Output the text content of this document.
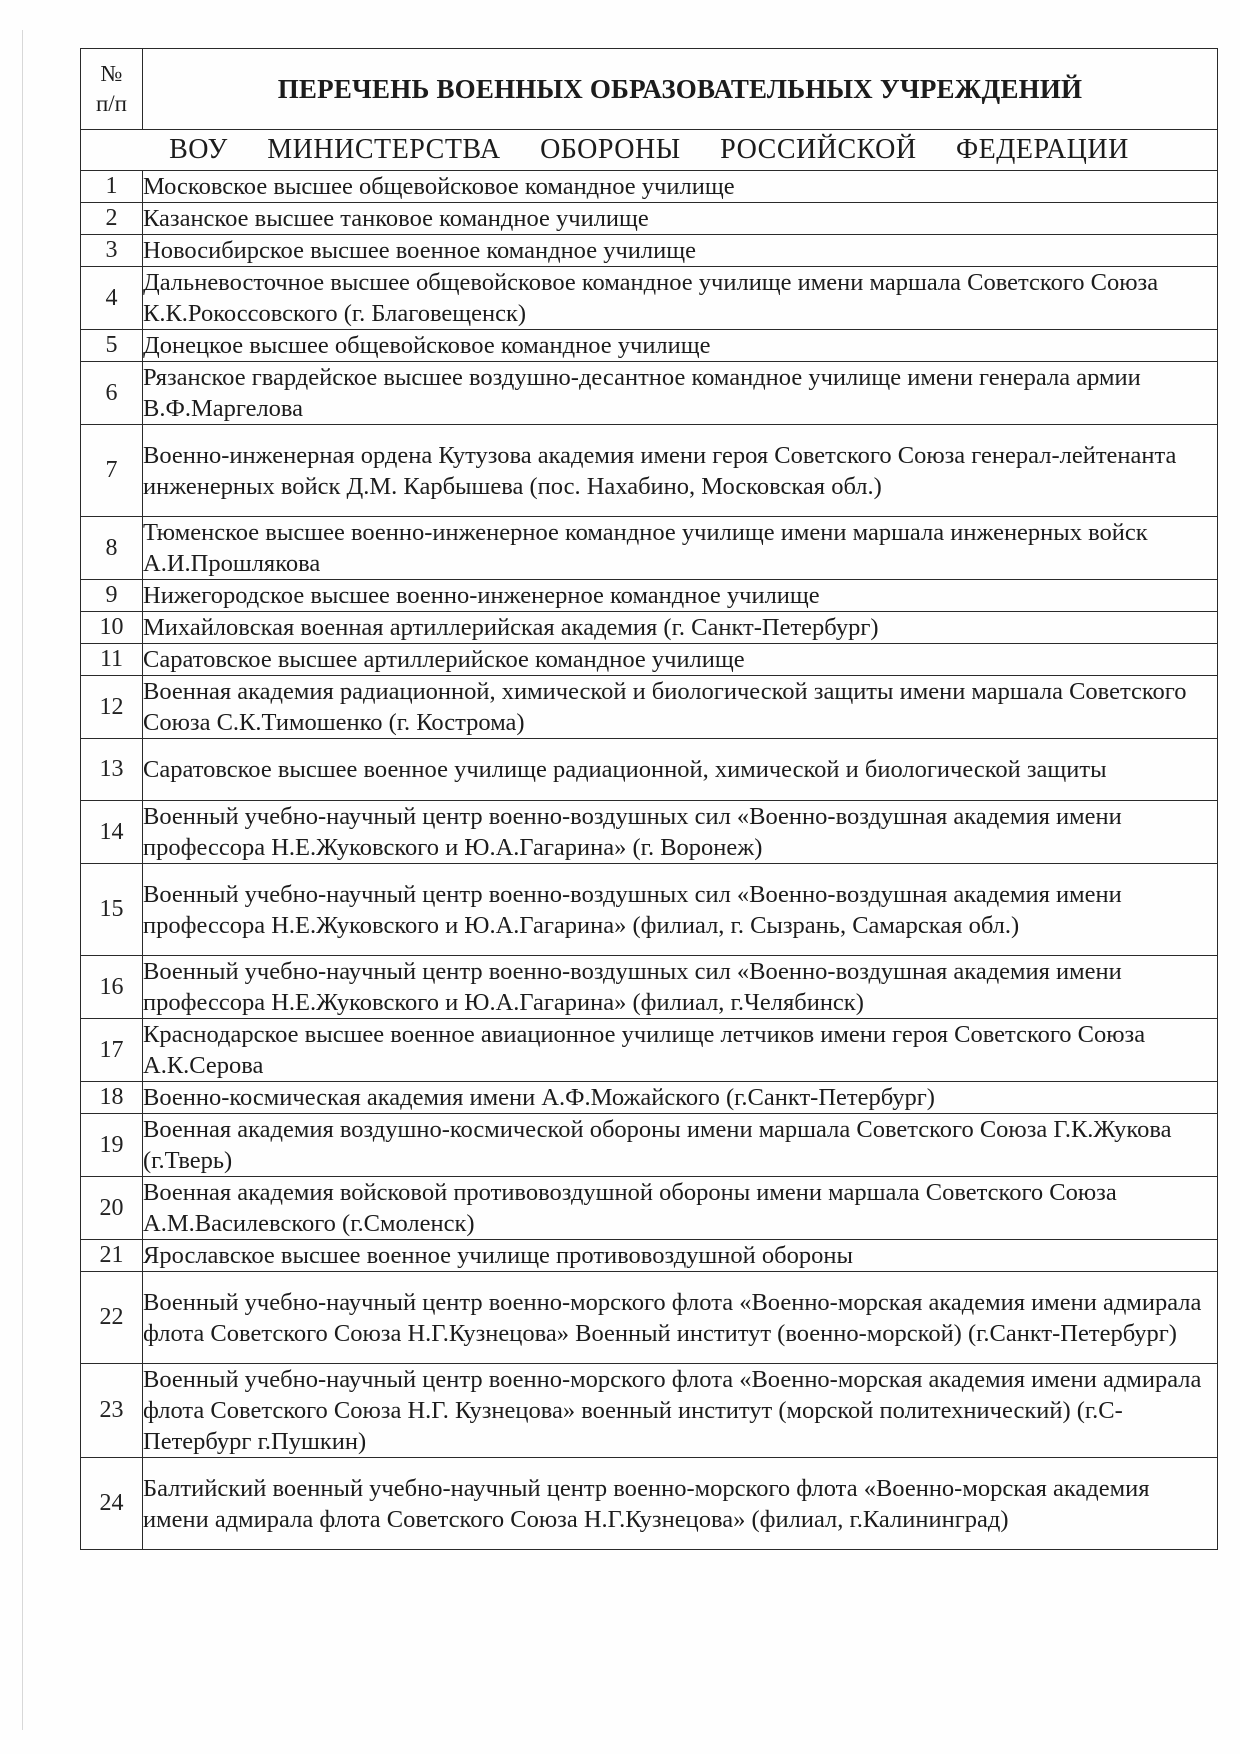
№
п/п	ПЕРЕЧЕНЬ ВОЕННЫХ ОБРАЗОВАТЕЛЬНЫХ УЧРЕЖДЕНИЙ
ВОУ МИНИСТЕРСТВА ОБОРОНЫ РОССИЙСКОЙ ФЕДЕРАЦИИ	
1	Московское высшее общевойсковое командное училище
2	Казанское высшее танковое командное училище
3	Новосибирское высшее военное командное училище
4	Дальневосточное высшее общевойсковое командное училище имени маршала Советского Союза К.К.Рокоссовского (г. Благовещенск)
5	Донецкое высшее общевойсковое командное училище
6	Рязанское гвардейское высшее воздушно-десантное командное училище имени генерала армии В.Ф.Маргелова
7	Военно-инженерная ордена Кутузова академия имени героя Советского Союза генерал-лейтенанта инженерных войск Д.М. Карбышева (пос. Нахабино, Московская обл.)
8	Тюменское высшее военно-инженерное командное училище имени маршала инженерных войск А.И.Прошлякова
9	Нижегородское высшее военно-инженерное командное училище
10	Михайловская военная артиллерийская академия (г. Санкт-Петербург)
11	Саратовское высшее артиллерийское командное училище
12	Военная академия радиационной, химической и биологической защиты имени маршала Советского Союза С.К.Тимошенко (г. Кострома)
13	Саратовское высшее военное училище радиационной, химической и биологической защиты
14	Военный учебно-научный центр военно-воздушных сил «Военно-воздушная академия имени профессора Н.Е.Жуковского и Ю.А.Гагарина» (г. Воронеж)
15	Военный учебно-научный центр военно-воздушных сил «Военно-воздушная академия имени профессора Н.Е.Жуковского и Ю.А.Гагарина» (филиал, г. Сызрань, Самарская обл.)
16	Военный учебно-научный центр военно-воздушных сил «Военно-воздушная академия имени профессора Н.Е.Жуковского и Ю.А.Гагарина» (филиал, г.Челябинск)
17	Краснодарское высшее военное авиационное училище летчиков имени героя Советского Союза А.К.Серова
18	Военно-космическая академия имени А.Ф.Можайского (г.Санкт-Петербург)
19	Военная академия воздушно-космической обороны имени маршала Советского Союза Г.К.Жукова (г.Тверь)
20	Военная академия войсковой противовоздушной обороны имени маршала Советского Союза А.М.Василевского (г.Смоленск)
21	Ярославское высшее военное училище противовоздушной обороны
22	Военный учебно-научный центр военно-морского флота «Военно-морская академия имени адмирала флота Советского Союза Н.Г.Кузнецова» Военный институт (военно-морской) (г.Санкт-Петербург)
23	Военный учебно-научный центр военно-морского флота «Военно-морская академия имени адмирала флота Советского Союза Н.Г. Кузнецова» военный институт (морской политехнический) (г.С-Петербург г.Пушкин)
24	Балтийский военный учебно-научный центр военно-морского флота «Военно-морская академия имени адмирала флота Советского Союза Н.Г.Кузнецова» (филиал, г.Калининград)
